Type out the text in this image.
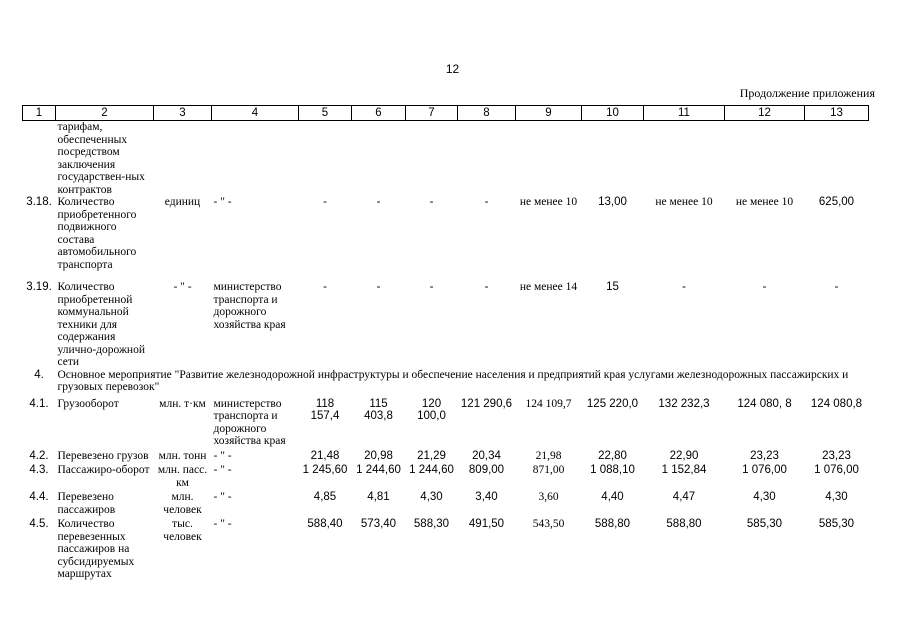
12
Продолжение приложения
1	2	3	4	5	6	7	8	9	10	11	12	13
	тарифам, обеспеченных посредством заключения государствен-ных контрактов											
3.18.	Количество приобретенного подвижного состава автомобильного транспорта	единиц	- " -	-	-	-	-	не менее 10	13,00	не менее 10	не менее 10	625,00
3.19.	Количество приобретенной коммунальной техники для содержания улично-дорожной сети	- " -	министерство транспорта и дорожного хозяйства края	-	-	-	-	не менее 14	15	-	-	-
4.	Основное мероприятие "Развитие железнодорожной инфраструктуры и обеспечение населения и предприятий края услугами железнодорожных пассажирских и грузовых перевозок"											
4.1.	Грузооборот	млн. т·км	министерство транспорта и дорожного хозяйства края	118 157,4	115 403,8	120 100,0	121 290,6	124 109,7	125 220,0	132 232,3	124 080, 8	124 080,8
4.2.	Перевезено грузов	млн. тонн	- " -	21,48	20,98	21,29	20,34	21,98	22,80	22,90	23,23	23,23
4.3.	Пассажиро-оборот	млн. пасс. км	- " -	1 245,60	1 244,60	1 244,60	809,00	871,00	1 088,10	1 152,84	1 076,00	1 076,00
4.4.	Перевезено пассажиров	млн. человек	- " -	4,85	4,81	4,30	3,40	3,60	4,40	4,47	4,30	4,30
4.5.	Количество перевезенных пассажиров на субсидируемых маршрутах	тыс. человек	- " -	588,40	573,40	588,30	491,50	543,50	588,80	588,80	585,30	585,30
